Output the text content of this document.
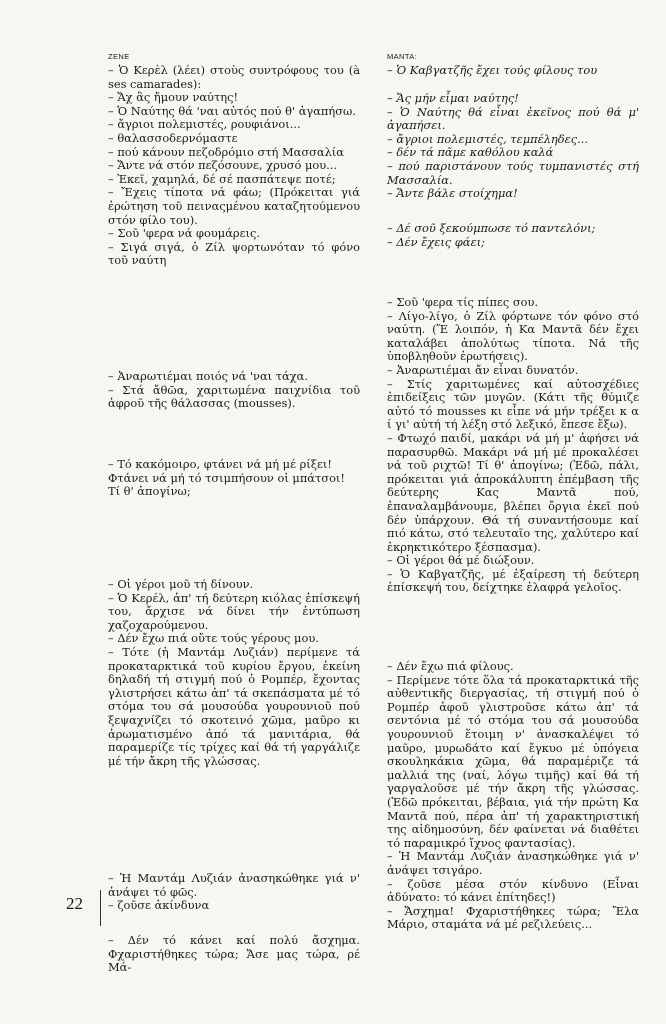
ΖΕΝΕ
– Ὁ Κερὲλ (λέει) στοὺς συντρόφους του (à ses camarades):
– Ἄχ ἂς ἤμουν ναύτης!
– Ὁ Ναύτης θά 'ναι αὐτός πού θ' ἀγαπήσω.
– ἄγριοι πολεμιστές, ρουφιάνοι...
– θαλασσοδερνόμαστε
– πού κάνουν πεζοδρόμιο στή Μασσαλία
– Ἄντε νά στόν πεζόσουνε, χρυσό μου...
– Ἐκεῖ, χαμηλά, δέ σέ πασπάτεψε ποτέ;
– Ἔχεις τίποτα νά φάω; (Πρόκειται γιά ἐρώτηση τοῦ πειναςμένου καταζητούμενου στόν φίλο του).
– Σοῦ 'φερα νά φουμάρεις.
– Σιγά σιγά, ὁ Ζίλ ψορτωνόταν τό φόνο τοῦ ναύτη
– Ἀναρωτιέμαι ποιός νά 'ναι τάχα.
– Στά ἄθῶα, χαριτωμένα παιχνίδια τοῦ ἀφροῦ τῆς θάλασσας (mousses).
– Τό κακόμοιρο, φτάνει νά μή μέ ρίξει!
Φτάνει νά μή τό τσιμπήσουν οἱ μπάτσοι!
Τί θ' ἀπογίνω;
– Οἱ γέροι μοῦ τή δίνουν.
– Ὁ Κερέλ, ἀπ' τή δεύτερη κιόλας ἐπίσκεψή του, ἄρχισε νά δίνει τήν ἐντύπωση χαζοχαρούμενου.
– Δέν ἔχω πιά οὔτε τούς γέρους μου.
– Τότε (ἡ Μαντάμ Λυζιάν) περίμενε τά προκαταρκτικά τοῦ κυρίου ἔργου, ἐκείνη δηλαδή τή στιγμή πού ὁ Ρομπέρ, ἔχοντας γλιστρήσει κάτω ἀπ' τά σκεπάσματα μέ τό στόμα του σά μουσούδα γουρουνιοῦ πού ξεψαχνίζει τό σκοτεινό χῶμα, μαῦρο κι ἀρωματισμένο ἀπό τά μανιτάρια, θά παραμερίζε τίς τρίχες καί θά τή γαργάλιζε μέ τήν ἄκρη τῆς γλώσσας.
– Ἡ Μαντάμ Λυζιάν ἀνασηκώθηκε γιά ν' ἀνάψει τό φῶς.
– ζοῦσε ἀκίνδυνα
– Δέν τό κάνει καί πολύ ἄσχημα. Φχαριστήθηκες τώρα; Ἄσε μας τώρα, ρέ Μά-
ΜΑΝΤΑ:
– Ὁ Καβγατζῆς ἔχει τούς φίλους του
– Ἄς μήν εἶμαι ναύτης!
– Ὁ Ναύτης θά εἶναι ἐκεῖνος πού θά μ' ἀγαπήσει.
– ἄγριοι πολεμιστές, τεμπέληδες...
– δέν τά πᾶμε καθόλου καλά
– πού παριστάνουν τούς τυμπανιστές στή Μασσαλία.
– Ἄντε βάλε στοίχημα!
– Δέ σοῦ ξεκούμπωσε τό παντελόνι;
– Δέν ἔχεις φάει;
– Σοῦ 'φερα τίς πίπες σου.
– Λίγο-λίγο, ὁ Ζίλ φόρτωνε τόν φόνο στό ναύτη. (Ἔ λοιπόν, ἡ Κα Μαντᾶ δέν ἔχει καταλάβει ἀπολύτως τίποτα. Νά τῆς ὑποβληθοῦν ἐρωτήσεις).
– Ἀναρωτιέμαι ἄν εἶναι δυνατόν.
– Στίς χαριτωμένες καί αὐτοσχέδιες ἐπιδείξεις τῶν μυγῶν. (Κάτι τῆς θύμιζε αὐτό τό mousses κι εἶπε νά μήν τρέξει κ α ί γι' αὐτή τή λέξη στό λεξικό, ἔπεσε ἔξω).
– Φτωχό παιδί, μακάρι νά μή μ' ἀφήσει νά παρασυρθῶ. Μακάρι νά μή μέ προκαλέσει νά τοῦ ριχτῶ! Τί θ' ἀπογίνω; (Ἐδῶ, πάλι, πρόκειται γιά ἀπροκάλυπτη ἐπέμβαση τῆς δεύτερης Κας Μαντᾶ πού, ἐπαναλαμβάνουμε, βλέπει ὄργια ἐκεῖ πού δέν ὑπάρχουν. Θά τή συναντήσουμε καί πιό κάτω, στό τελευταῖο της, χαλύτερο καί ἐκρηκτικότερο ξέσπασμα).
– Οἱ γέροι θά μέ διώξουν.
– Ὁ Καβγατζῆς, μέ ἐξαίρεση τή δεύτερη ἐπίσκεψή του, δείχτηκε ἐλαφρά γελοῖος.
– Δέν ἔχω πιά φίλους.
– Περίμενε τότε ὅλα τά προκαταρκτικά τῆς αὐθεντικῆς διεργασίας, τή στιγμή πού ὁ Ρομπέρ ἀφοῦ γλιστροῦσε κάτω ἀπ' τά σεντόνια μέ τό στόμα του σά μουσούδα γουρουνιοῦ ἕτοιμη ν' ἀνασκαλέψει τό μαῦρο, μυρωδάτο καί ἔγκυο μέ ὑπόγεια σκουληκάκια χῶμα, θά παραμέριζε τά μαλλιά της (ναί, λόγω τιμῆς) καί θά τή γαργαλοῦσε μέ τήν ἄκρη τῆς γλώσσας. (Ἐδῶ πρόκειται, βέβαια, γιά τήν πρώτη Κα Μαντᾶ πού, πέρα ἀπ' τή χαρακτηριστική της αἰδημοσύνη, δέν φαίνεται νά διαθέτει τό παραμικρό ἴχνος φαντασίας).
– Ἡ Μαντάμ Λυζιάν ἀνασηκώθηκε γιά ν' ἀνάψει τσιγάρο.
– ζοῦσε μέσα στόν κίνδυνο (Εἶναι ἀδύνατο: τό κάνει ἐπίτηδες!)
– Ἄσχημα! Φχαριστήθηκες τώρα; Ἔλα Μάριο, σταμάτα νά μέ ρεζιλεύεις...
22
